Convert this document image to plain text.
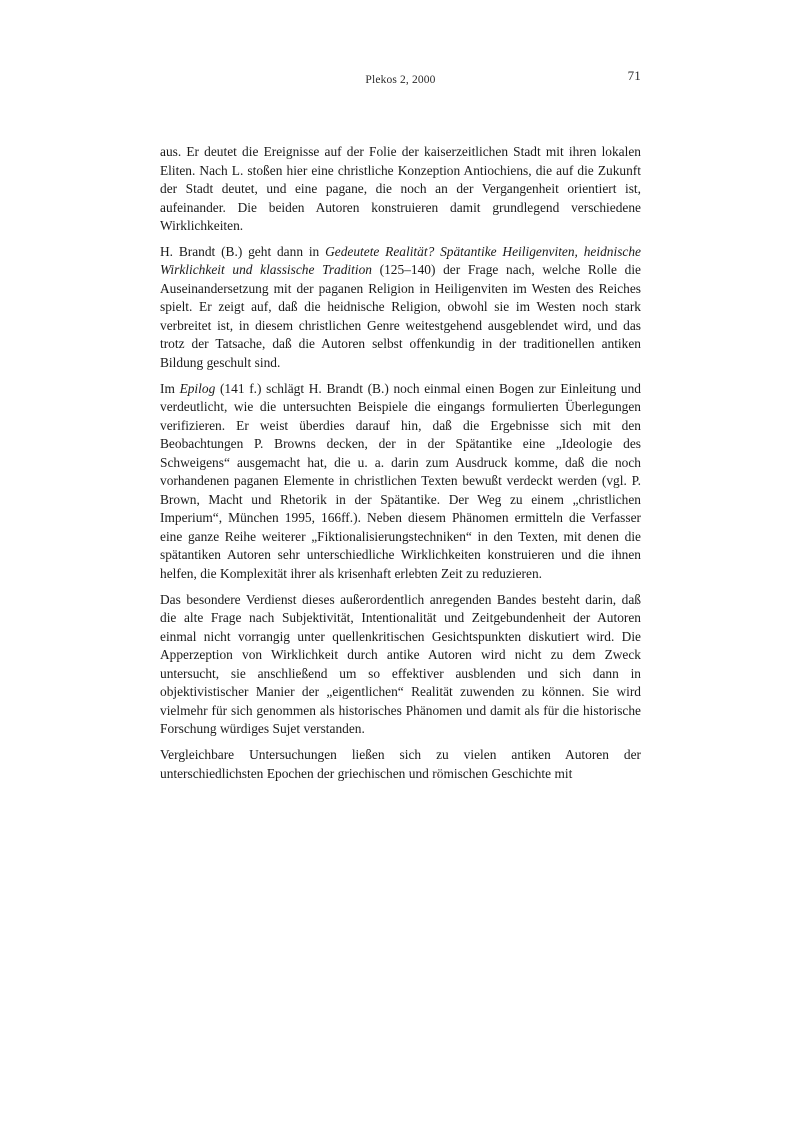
Plekos 2, 2000	71

aus. Er deutet die Ereignisse auf der Folie der kaiserzeitlichen Stadt mit ihren lokalen Eliten. Nach L. stoßen hier eine christliche Konzeption Antiochiens, die auf die Zukunft der Stadt deutet, und eine pagane, die noch an der Vergangenheit orientiert ist, aufeinander. Die beiden Autoren konstruieren damit grundlegend verschiedene Wirklichkeiten.

H. Brandt (B.) geht dann in Gedeutete Realität? Spätantike Heiligenviten, heidnische Wirklichkeit und klassische Tradition (125–140) der Frage nach, welche Rolle die Auseinandersetzung mit der paganen Religion in Heiligenviten im Westen des Reiches spielt. Er zeigt auf, daß die heidnische Religion, obwohl sie im Westen noch stark verbreitet ist, in diesem christlichen Genre weitestgehend ausgeblendet wird, und das trotz der Tatsache, daß die Autoren selbst offenkundig in der traditionellen antiken Bildung geschult sind.

Im Epilog (141 f.) schlägt H. Brandt (B.) noch einmal einen Bogen zur Einleitung und verdeutlicht, wie die untersuchten Beispiele die eingangs formulierten Überlegungen verifizieren. Er weist überdies darauf hin, daß die Ergebnisse sich mit den Beobachtungen P. Browns decken, der in der Spätantike eine „Ideologie des Schweigens“ ausgemacht hat, die u. a. darin zum Ausdruck komme, daß die noch vorhandenen paganen Elemente in christlichen Texten bewußt verdeckt werden (vgl. P. Brown, Macht und Rhetorik in der Spätantike. Der Weg zu einem „christlichen Imperium“, München 1995, 166ff.). Neben diesem Phänomen ermitteln die Verfasser eine ganze Reihe weiterer „Fiktionalisierungstechniken“ in den Texten, mit denen die spätantiken Autoren sehr unterschiedliche Wirklichkeiten konstruieren und die ihnen helfen, die Komplexität ihrer als krisenhaft erlebten Zeit zu reduzieren.

Das besondere Verdienst dieses außerordentlich anregenden Bandes besteht darin, daß die alte Frage nach Subjektivität, Intentionalität und Zeitgebundenheit der Autoren einmal nicht vorrangig unter quellenkritischen Gesichtspunkten diskutiert wird. Die Apperzeption von Wirklichkeit durch antike Autoren wird nicht zu dem Zweck untersucht, sie anschließend um so effektiver ausblenden und sich dann in objektivistischer Manier der „eigentlichen“ Realität zuwenden zu können. Sie wird vielmehr für sich genommen als historisches Phänomen und damit als für die historische Forschung würdiges Sujet verstanden.

Vergleichbare Untersuchungen ließen sich zu vielen antiken Autoren der unterschiedlichsten Epochen der griechischen und römischen Geschichte mit
